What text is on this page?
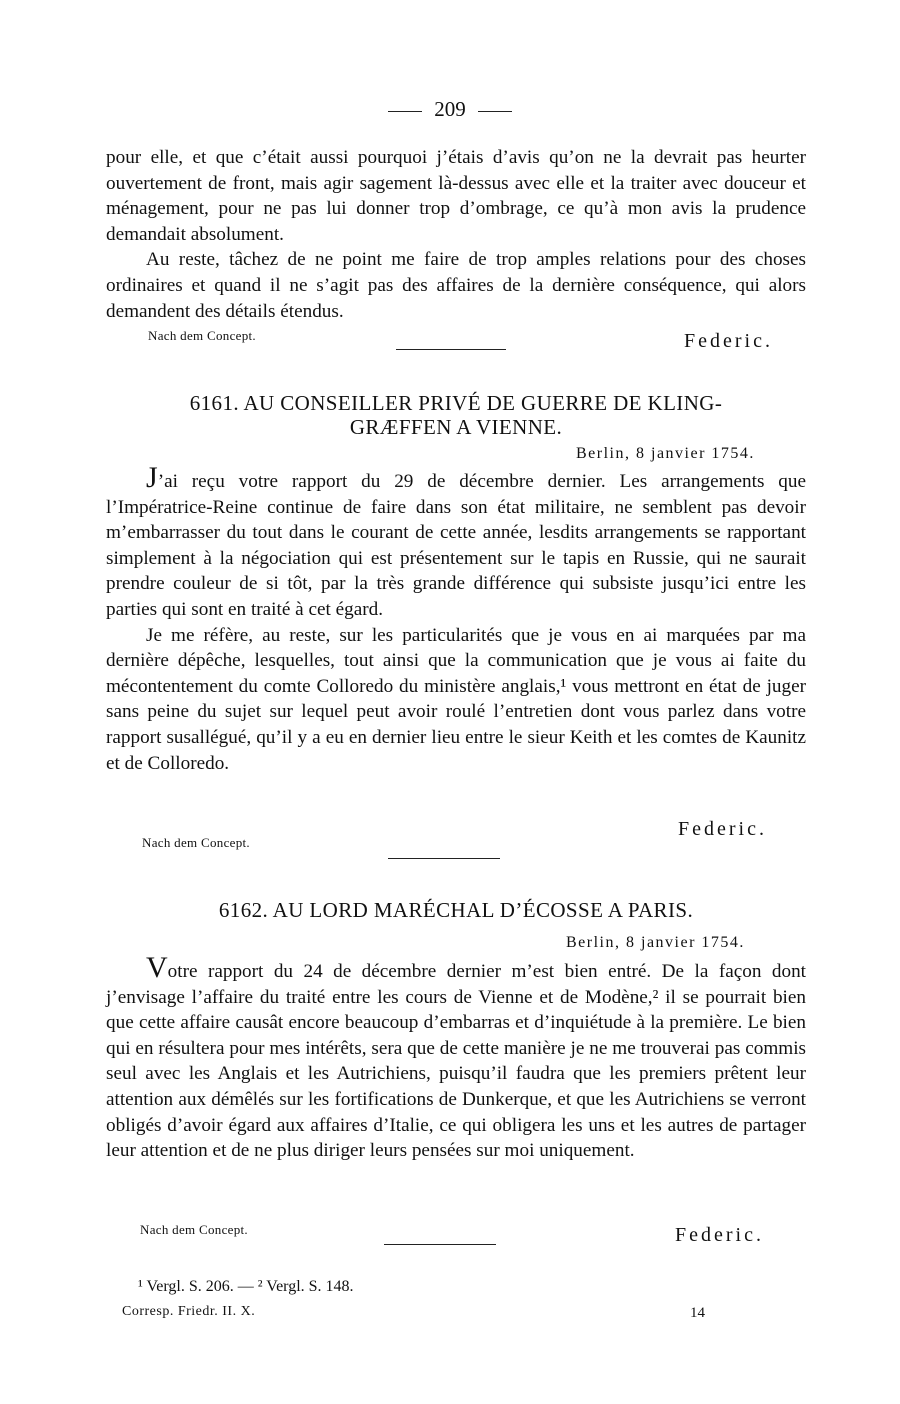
209

pour elle, et que c’était aussi pourquoi j’étais d’avis qu’on ne la devrait pas heurter ouvertement de front, mais agir sagement là-dessus avec elle et la traiter avec douceur et ménagement, pour ne pas lui donner trop d’ombrage, ce qu’à mon avis la prudence demandait absolument.

Au reste, tâchez de ne point me faire de trop amples relations pour des choses ordinaires et quand il ne s’agit pas des affaires de la dernière conséquence, qui alors demandent des détails étendus.

Nach dem Concept.	Federic.
6161. AU CONSEILLER PRIVÉ DE GUERRE DE KLING-
GRÆFFEN A VIENNE.
Berlin, 8 janvier 1754.

J’ai reçu votre rapport du 29 de décembre dernier. Les arrangements que l’Impératrice-Reine continue de faire dans son état militaire, ne semblent pas devoir m’embarrasser du tout dans le courant de cette année, lesdits arrangements se rapportant simplement à la négociation qui est présentement sur le tapis en Russie, qui ne saurait prendre couleur de si tôt, par la très grande différence qui subsiste jusqu’ici entre les parties qui sont en traité à cet égard.

Je me réfère, au reste, sur les particularités que je vous en ai marquées par ma dernière dépêche, lesquelles, tout ainsi que la communication que je vous ai faite du mécontentement du comte Colloredo du ministère anglais,¹ vous mettront en état de juger sans peine du sujet sur lequel peut avoir roulé l’entretien dont vous parlez dans votre rapport susallégué, qu’il y a eu en dernier lieu entre le sieur Keith et les comtes de Kaunitz et de Colloredo.

Federic.
Nach dem Concept.
6162. AU LORD MARÉCHAL D’ÉCOSSE A PARIS.
Berlin, 8 janvier 1754.

Votre rapport du 24 de décembre dernier m’est bien entré. De la façon dont j’envisage l’affaire du traité entre les cours de Vienne et de Modène,² il se pourrait bien que cette affaire causât encore beaucoup d’embarras et d’inquiétude à la première. Le bien qui en résultera pour mes intérêts, sera que de cette manière je ne me trouverai pas commis seul avec les Anglais et les Autrichiens, puisqu’il faudra que les premiers prêtent leur attention aux démêlés sur les fortifications de Dunkerque, et que les Autrichiens se verront obligés d’avoir égard aux affaires d’Italie, ce qui obligera les uns et les autres de partager leur attention et de ne plus diriger leurs pensées sur moi uniquement.

Nach dem Concept.	Federic.
¹ Vergl. S. 206. — ² Vergl. S. 148.
Corresp. Friedr. II. X.	14
